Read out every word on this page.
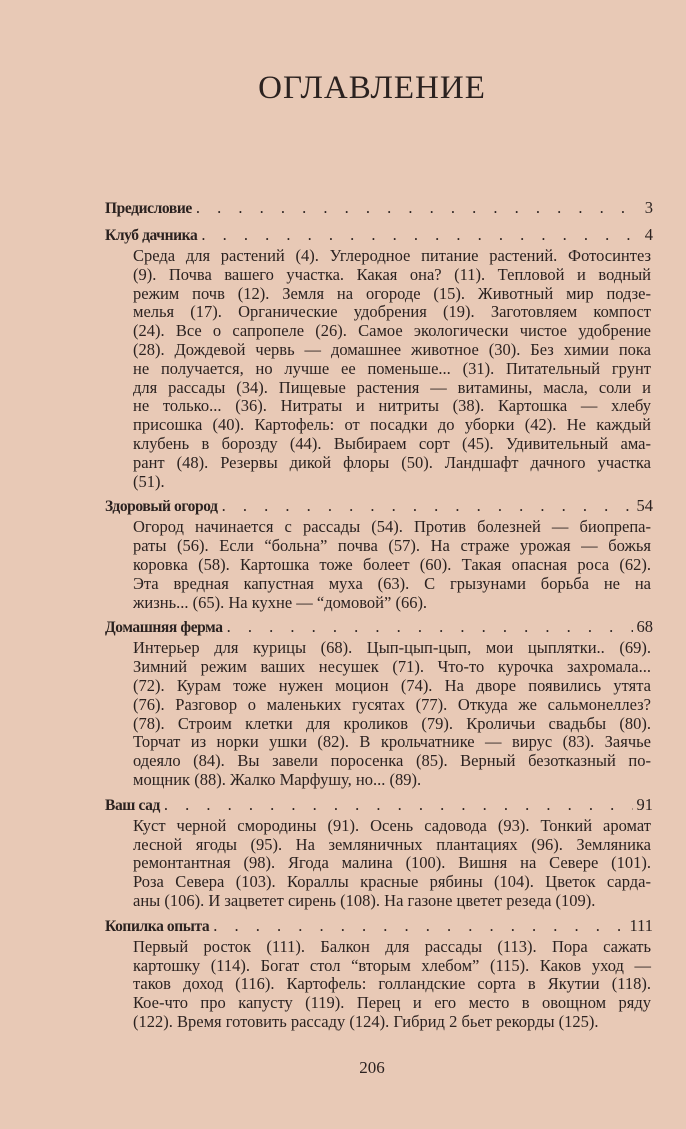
ОГЛАВЛЕНИЕ
Предисловие . . .	3
Клуб дачника . . .	4
Среда для растений (4). Углеродное питание растений. Фотосинтез
(9). Почва вашего участка. Какая она? (11). Тепловой и водный
режим почв (12). Земля на огороде (15). Животный мир подзе-
мелья (17). Органические удобрения (19). Заготовляем компост
(24). Все о сапропеле (26). Самое экологически чистое удобрение
(28). Дождевой червь — домашнее животное (30). Без химии пока
не получается, но лучше ее поменьше... (31). Питательный грунт
для рассады (34). Пищевые растения — витамины, масла, соли и
не только... (36). Нитраты и нитриты (38). Картошка — хлебу
присошка (40). Картофель: от посадки до уборки (42). Не каждый
клубень в борозду (44). Выбираем сорт (45). Удивительный ама-
рант (48). Резервы дикой флоры (50). Ландшафт дачного участка
(51).
Здоровый огород . . .	54
Огород начинается с рассады (54). Против болезней — биопрепа-
раты (56). Если “больна” почва (57). На страже урожая — божья
коровка (58). Картошка тоже болеет (60). Такая опасная роса (62).
Эта вредная капустная муха (63). С грызунами борьба не на
жизнь... (65). На кухне — “домовой” (66).
Домашняя ферма . . .	68
Интерьер для курицы (68). Цып-цып-цып, мои цыплятки.. (69).
Зимний режим ваших несушек (71). Что-то курочка захромала...
(72). Курам тоже нужен моцион (74). На дворе появились утята
(76). Разговор о маленьких гусятах (77). Откуда же сальмонеллез?
(78). Строим клетки для кроликов (79). Кроличьи свадьбы (80).
Торчат из норки ушки (82). В крольчатнике — вирус (83). Заячье
одеяло (84). Вы завели поросенка (85). Верный безотказный по-
мощник (88). Жалко Марфушу, но... (89).
Ваш сад . . .	91
Куст черной смородины (91). Осень садовода (93). Тонкий аромат
лесной ягоды (95). На земляничных плантациях (96). Земляника
ремонтантная (98). Ягода малина (100). Вишня на Севере (101).
Роза Севера (103). Кораллы красные рябины (104). Цветок сарда-
аны (106). И зацветет сирень (108). На газоне цветет резеда (109).
Копилка опыта . . .	111
Первый росток (111). Балкон для рассады (113). Пора сажать
картошку (114). Богат стол “вторым хлебом” (115). Каков уход —
таков доход (116). Картофель: голландские сорта в Якутии (118).
Кое-что про капусту (119). Перец и его место в овощном ряду
(122). Время готовить рассаду (124). Гибрид 2 бьет рекорды (125).
206
